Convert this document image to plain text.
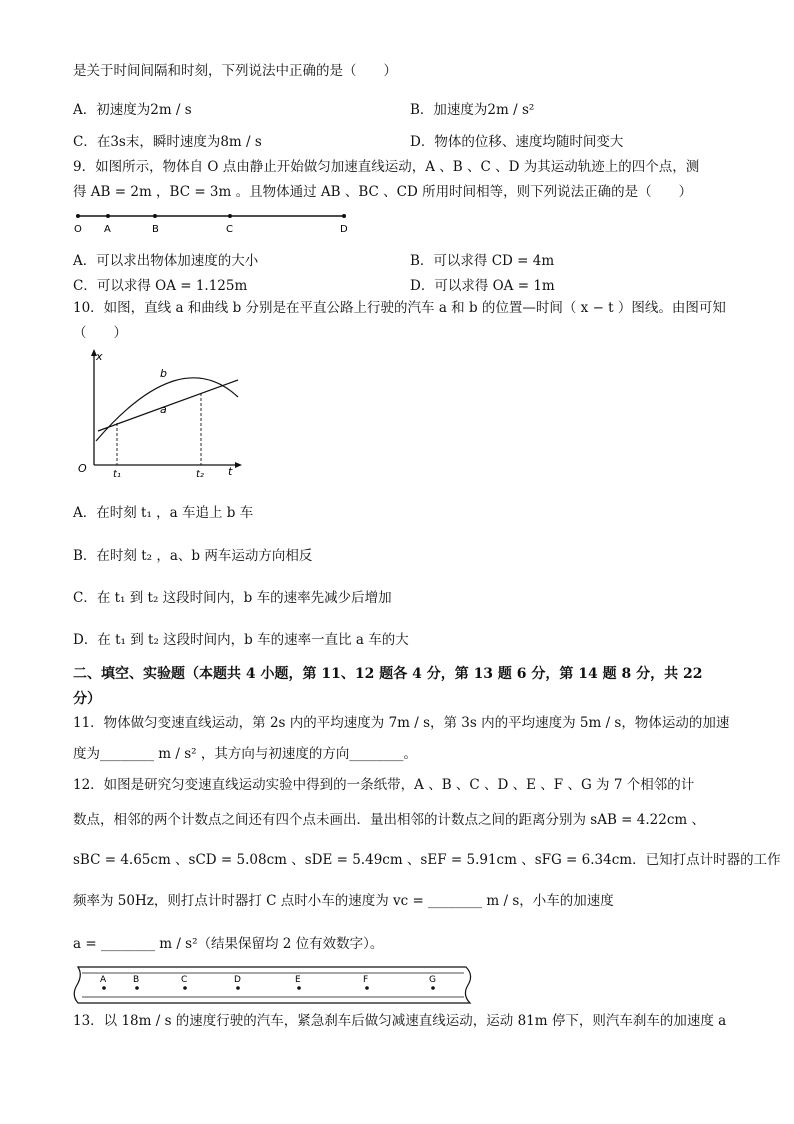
是关于时间间隔和时刻，下列说法中正确的是（　　）
A．初速度为2m / s	B．加速度为2m / s²
C．在3s末，瞬时速度为8m / s	D．物体的位移、速度均随时间变大
9．如图所示，物体自 O 点由静止开始做匀加速直线运动，A 、B 、C 、D 为其运动轨迹上的四个点，测
得 AB = 2m ，BC = 3m 。且物体通过 AB 、BC 、CD 所用时间相等，则下列说法正确的是（　　）
O A	B	C	D
A．可以求出物体加速度的大小	B．可以求得 CD = 4m
C．可以求得 OA = 1.125m	D．可以求得 OA = 1m
10．如图，直线 a 和曲线 b 分别是在平直公路上行驶的汽车 a 和 b 的位置—时间（ x − t ）图线。由图可知
（　　）
x
t
O
a
b
t₁	t₂
A．在时刻 t₁ ，a 车追上 b 车
B．在时刻 t₂ ，a、b 两车运动方向相反
C．在 t₁ 到 t₂ 这段时间内，b 车的速率先减少后增加
D．在 t₁ 到 t₂ 这段时间内，b 车的速率一直比 a 车的大
二、填空、实验题（本题共 4 小题，第 11、12 题各 4 分，第 13 题 6 分，第 14 题 8 分，共 22
分）
11．物体做匀变速直线运动，第 2s 内的平均速度为 7m / s，第 3s 内的平均速度为 5m / s，物体运动的加速
度为________ m / s² ，其方向与初速度的方向________。
12．如图是研究匀变速直线运动实验中得到的一条纸带，A 、B 、C 、D 、E 、F 、G 为 7 个相邻的计
数点，相邻的两个计数点之间还有四个点未画出．量出相邻的计数点之间的距离分别为 sAB = 4.22cm 、
sBC = 4.65cm 、sCD = 5.08cm 、sDE = 5.49cm 、sEF = 5.91cm 、sFG = 6.34cm．已知打点计时器的工作
频率为 50Hz，则打点计时器打 C 点时小车的速度为 vc = ________ m / s，小车的加速度
a = ________ m / s²（结果保留均 2 位有效数字）。
A	B	C	D	E	F	G
13．以 18m / s 的速度行驶的汽车，紧急刹车后做匀减速直线运动，运动 81m 停下，则汽车刹车的加速度 a
